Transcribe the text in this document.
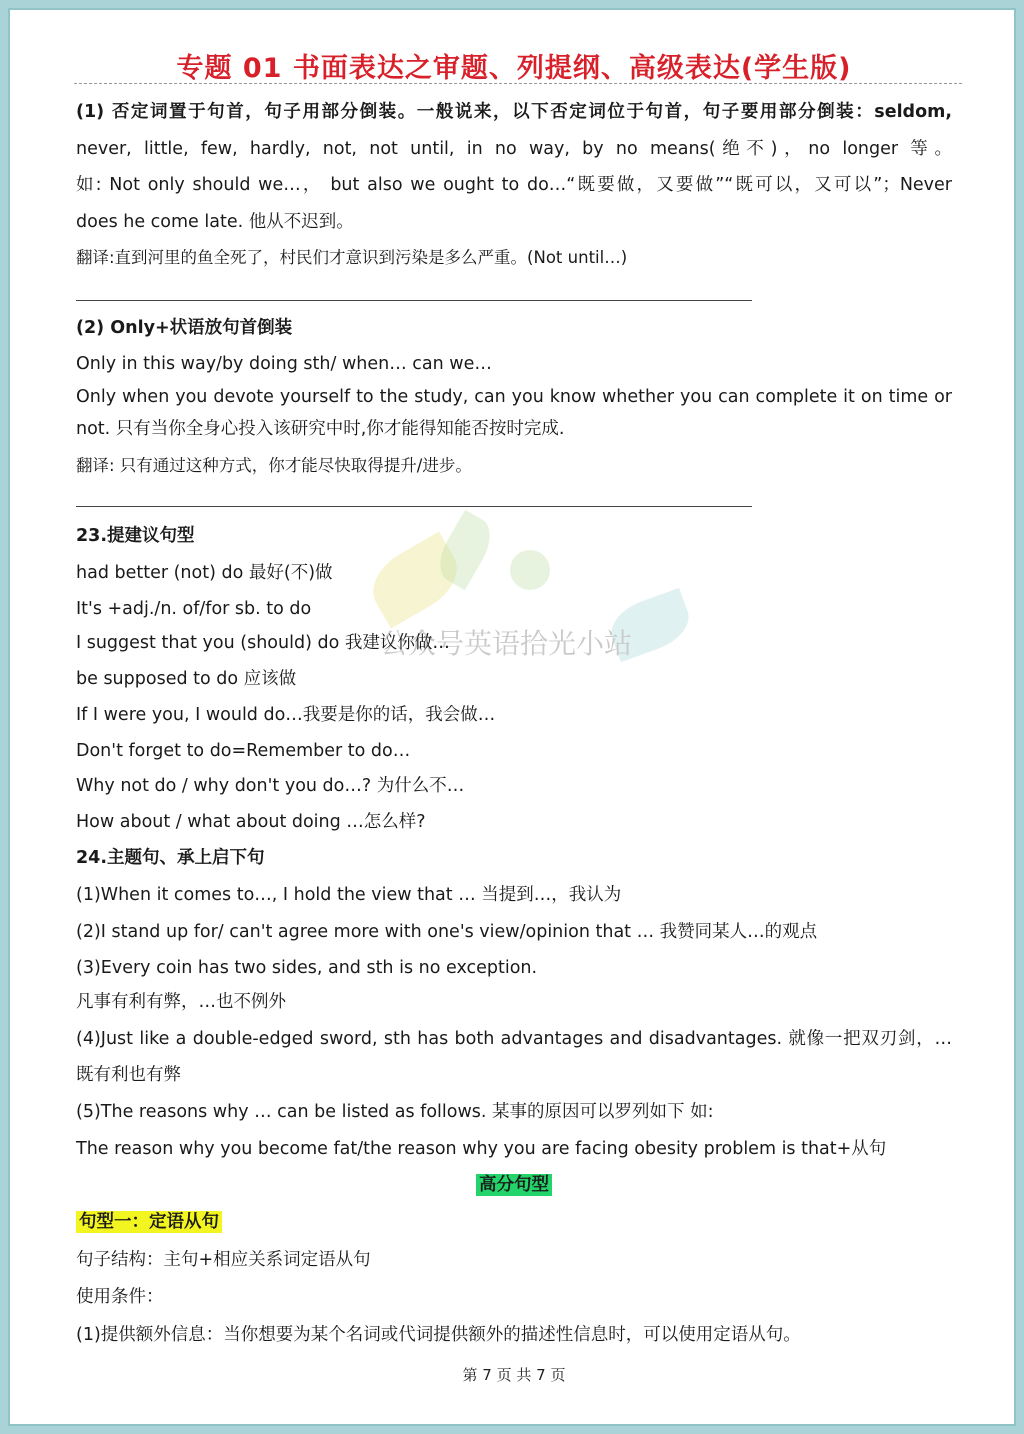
公众号英语拾光小站
专题 01 书面表达之审题、列提纲、高级表达(学生版)
(1) 否定词置于句首，句子用部分倒装。一般说来，以下否定词位于句首，句子要用部分倒装：seldom,
never, little, few, hardly, not, not until, in no way, by no means(绝不)，no longer 等。
如: Not only should we…， but also we ought to do…“既要做，又要做”“既可以，又可以”；Never
does he come late. 他从不迟到。
翻译:直到河里的鱼全死了，村民们才意识到污染是多么严重。(Not until…)
(2) Only+状语放句首倒装
Only in this way/by doing sth/ when… can we…
Only when you devote yourself to the study, can you know whether you can complete it on time or
not. 只有当你全身心投入该研究中时,你才能得知能否按时完成.
翻译: 只有通过这种方式，你才能尽快取得提升/进步。
23.提建议句型
had better (not) do 最好(不)做
It's +adj./n. of/for sb. to do
I suggest that you (should) do 我建议你做…
be supposed to do 应该做
If I were you, I would do…我要是你的话，我会做…
Don't forget to do=Remember to do…
Why not do / why don't you do…? 为什么不…
How about / what about doing …怎么样?
24.主题句、承上启下句
(1)When it comes to…, I hold the view that … 当提到…，我认为
(2)I stand up for/ can't agree more with one's view/opinion that … 我赞同某人…的观点
(3)Every coin has two sides, and sth is no exception.
凡事有利有弊，…也不例外
(4)Just like a double-edged sword, sth has both advantages and disadvantages. 就像一把双刃剑，…
既有利也有弊
(5)The reasons why … can be listed as follows. 某事的原因可以罗列如下 如:
The reason why you become fat/the reason why you are facing obesity problem is that+从句
高分句型
句型一：定语从句
句子结构：主句+相应关系词定语从句
使用条件：
(1)提供额外信息：当你想要为某个名词或代词提供额外的描述性信息时，可以使用定语从句。
第 7 页 共 7 页
